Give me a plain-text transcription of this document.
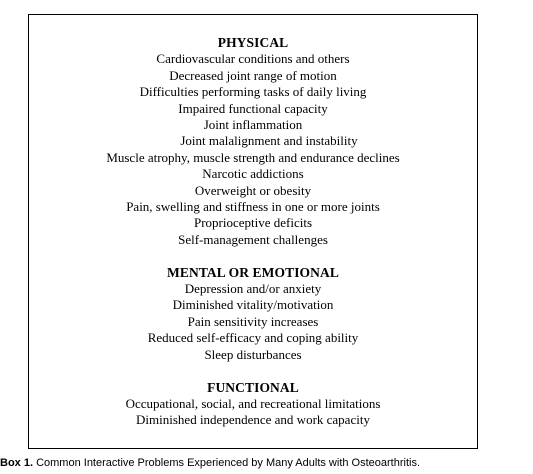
PHYSICAL
Cardiovascular conditions and others
Decreased joint range of motion
Difficulties performing tasks of daily living
Impaired functional capacity
Joint inflammation
Joint malalignment and instability
Muscle atrophy, muscle strength and endurance declines
Narcotic addictions
Overweight or obesity
Pain, swelling and stiffness in one or more joints
Proprioceptive deficits
Self-management challenges
MENTAL OR EMOTIONAL
Depression and/or anxiety
Diminished vitality/motivation
Pain sensitivity increases
Reduced self-efficacy and coping ability
Sleep disturbances
FUNCTIONAL
Occupational, social, and recreational limitations
Diminished independence and work capacity
Box 1. Common Interactive Problems Experienced by Many Adults with Osteoarthritis.
